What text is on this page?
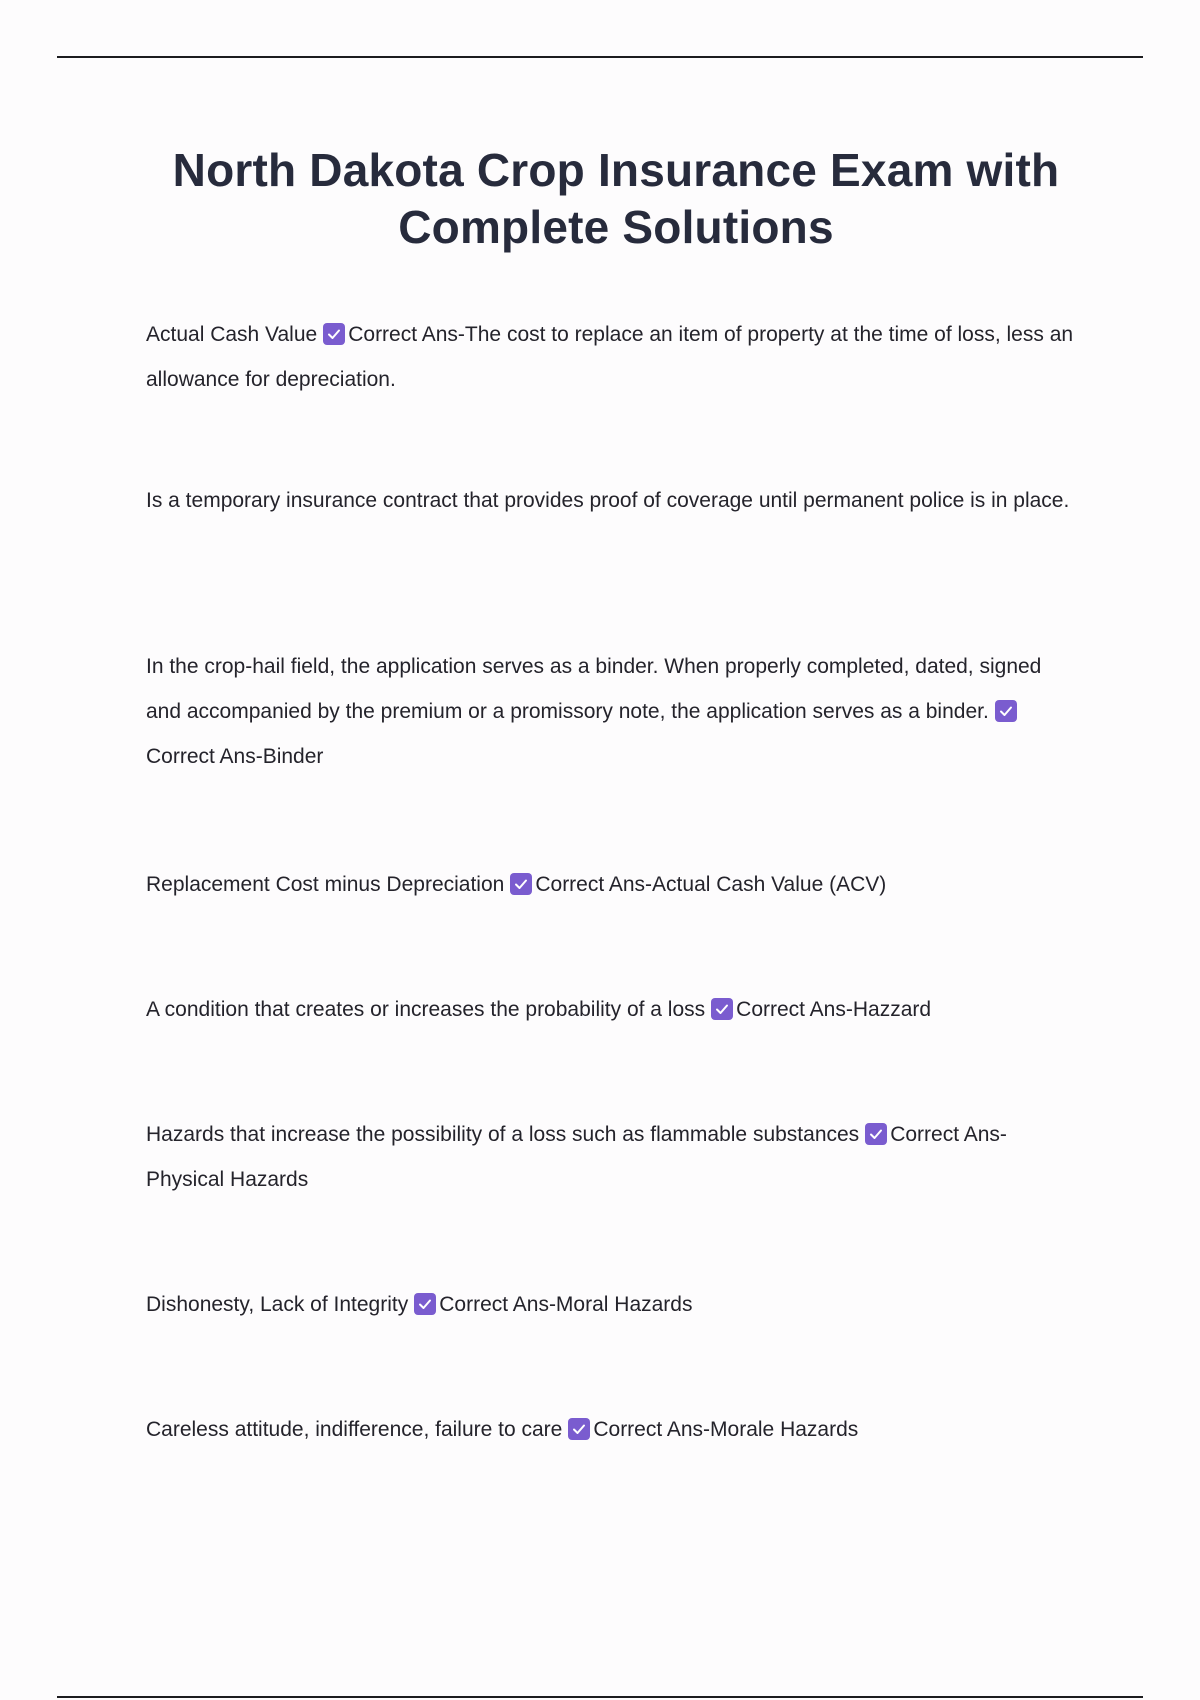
North Dakota Crop Insurance Exam with Complete Solutions

Actual Cash Value Correct Ans-The cost to replace an item of property at the time of loss, less an allowance for depreciation.

Is a temporary insurance contract that provides proof of coverage until permanent police is in place.

In the crop-hail field, the application serves as a binder. When properly completed, dated, signed and accompanied by the premium or a promissory note, the application serves as a binder.
Correct Ans-Binder

Replacement Cost minus Depreciation Correct Ans-Actual Cash Value (ACV)

A condition that creates or increases the probability of a loss Correct Ans-Hazzard

Hazards that increase the possibility of a loss such as flammable substances Correct Ans-Physical Hazards

Dishonesty, Lack of Integrity Correct Ans-Moral Hazards

Careless attitude, indifference, failure to care Correct Ans-Morale Hazards
